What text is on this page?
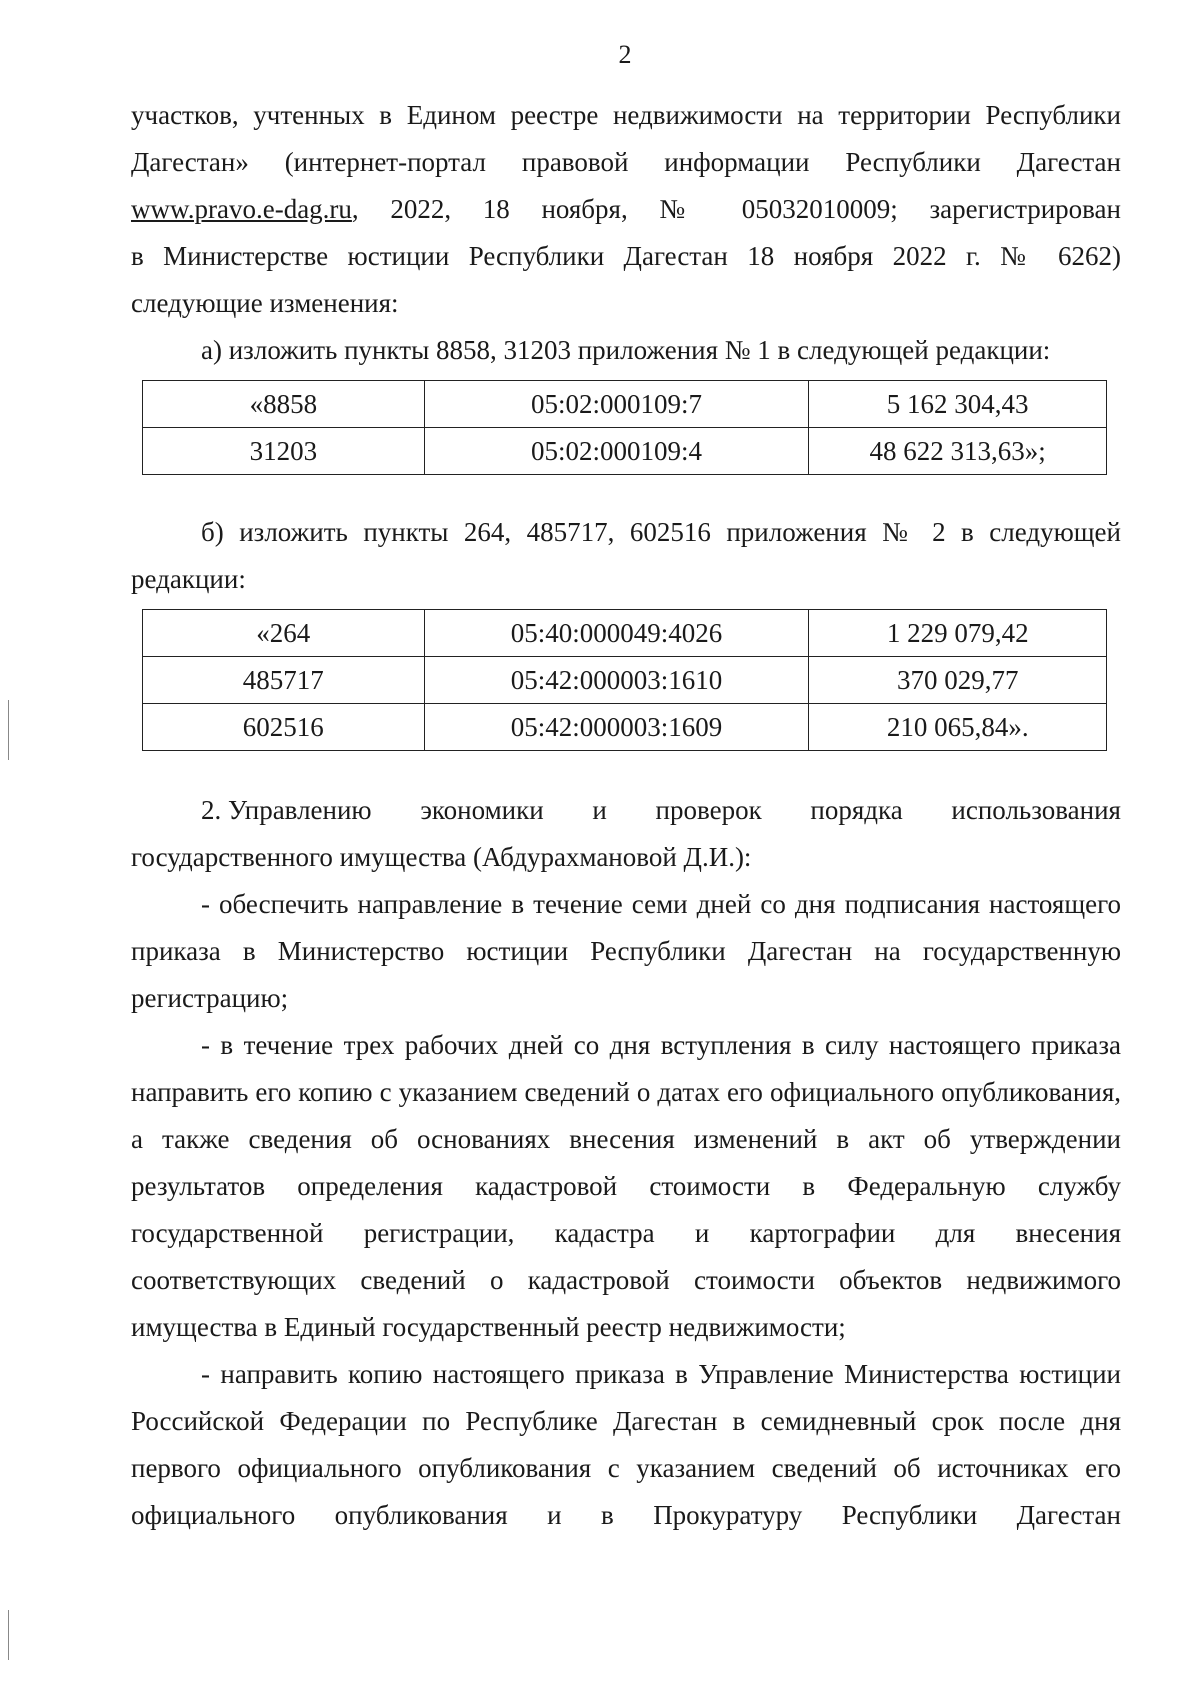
2

участков, учтенных в Едином реестре недвижимости на территории Республики

Дагестан» (интернет-портал правовой информации Республики Дагестан

www.pravo.e-dag.ru, 2022, 18 ноября, № 05032010009; зарегистрирован

в Министерстве юстиции Республики Дагестан 18 ноября 2022 г. № 6262)

следующие изменения:

а) изложить пункты 8858, 31203 приложения № 1 в следующей редакции:

«8858	05:02:000109:7	5 162 304,43
31203	05:02:000109:4	48 622 313,63»;

б) изложить пункты 264, 485717, 602516 приложения № 2 в следующей редакции:

«264	05:40:000049:4026	1 229 079,42
485717	05:42:000003:1610	370 029,77
602516	05:42:000003:1609	210 065,84».
2. Управлению экономики и проверок порядка использования

государственного имущества (Абдурахмановой Д.И.):

- обеспечить направление в течение семи дней со дня подписания настоящего приказа в Министерство юстиции Республики Дагестан на государственную регистрацию;

- в течение трех рабочих дней со дня вступления в силу настоящего приказа направить его копию с указанием сведений о датах его официального опубликования, а также сведения об основаниях внесения изменений в акт об утверждении результатов определения кадастровой стоимости в Федеральную службу государственной регистрации, кадастра и картографии для внесения соответствующих сведений о кадастровой стоимости объектов недвижимого имущества в Единый государственный реестр недвижимости;

- направить копию настоящего приказа в Управление Министерства юстиции Российской Федерации по Республике Дагестан в семидневный срок после дня первого официального опубликования с указанием сведений об источниках его

официального опубликования и в Прокуратуру Республики Дагестан
